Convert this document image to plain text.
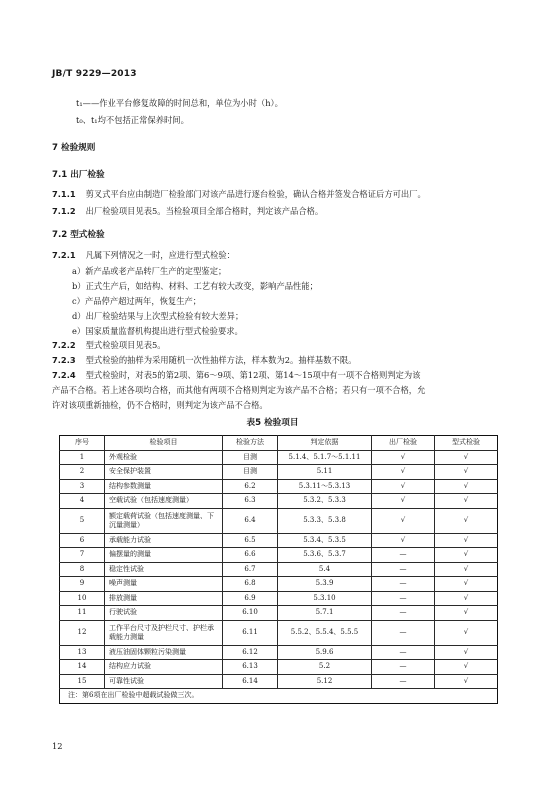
JB/T 9229—2013
t₁——作业平台修复故障的时间总和，单位为小时（h）。
t₀、t₁均不包括正常保养时间。
7 检验规则
7.1 出厂检验
7.1.1 剪叉式平台应由制造厂检验部门对该产品进行逐台检验，确认合格并签发合格证后方可出厂。
7.1.2 出厂检验项目见表5。当检验项目全部合格时，判定该产品合格。
7.2 型式检验
7.2.1 凡属下列情况之一时，应进行型式检验：
a）新产品或老产品转厂生产的定型鉴定；
b）正式生产后，如结构、材料、工艺有较大改变，影响产品性能；
c）产品停产超过两年，恢复生产；
d）出厂检验结果与上次型式检验有较大差异；
e）国家质量监督机构提出进行型式检验要求。
7.2.2 型式检验项目见表5。
7.2.3 型式检验的抽样为采用随机一次性抽样方法，样本数为2。抽样基数不限。
7.2.4 型式检验时，对表5的第2项、第6～9项、第12项、第14～15项中有一项不合格则判定为该
产品不合格。若上述各项均合格，而其他有两项不合格则判定为该产品不合格；若只有一项不合格，允
许对该项重新抽检，仍不合格时，则判定为该产品不合格。
表5 检验项目
序号	检验项目	检验方法	判定依据	出厂检验	型式检验
1	外观检验	目测	5.1.4、5.1.7～5.1.11	√	√
2	安全保护装置	目测	5.11	√	√
3	结构参数测量	6.2	5.3.11～5.3.13	√	√
4	空载试验（包括速度测量）	6.3	5.3.2、5.3.3	√	√
5	额定载荷试验（包括速度测量、下沉量测量）	6.4	5.3.3、5.3.8	√	√
6	承载能力试验	6.5	5.3.4、5.3.5	√	√
7	偏摆量的测量	6.6	5.3.6、5.3.7	—	√
8	稳定性试验	6.7	5.4	—	√
9	噪声测量	6.8	5.3.9	—	√
10	排放测量	6.9	5.3.10	—	√
11	行驶试验	6.10	5.7.1	—	√
12	工作平台尺寸及护栏尺寸、护栏承载能力测量	6.11	5.5.2、5.5.4、5.5.5	—	√
13	液压油固体颗粒污染测量	6.12	5.9.6	—	√
14	结构应力试验	6.13	5.2	—	√
15	可靠性试验	6.14	5.12	—	√
注：第6项在出厂检验中超载试验做三次。					
12
